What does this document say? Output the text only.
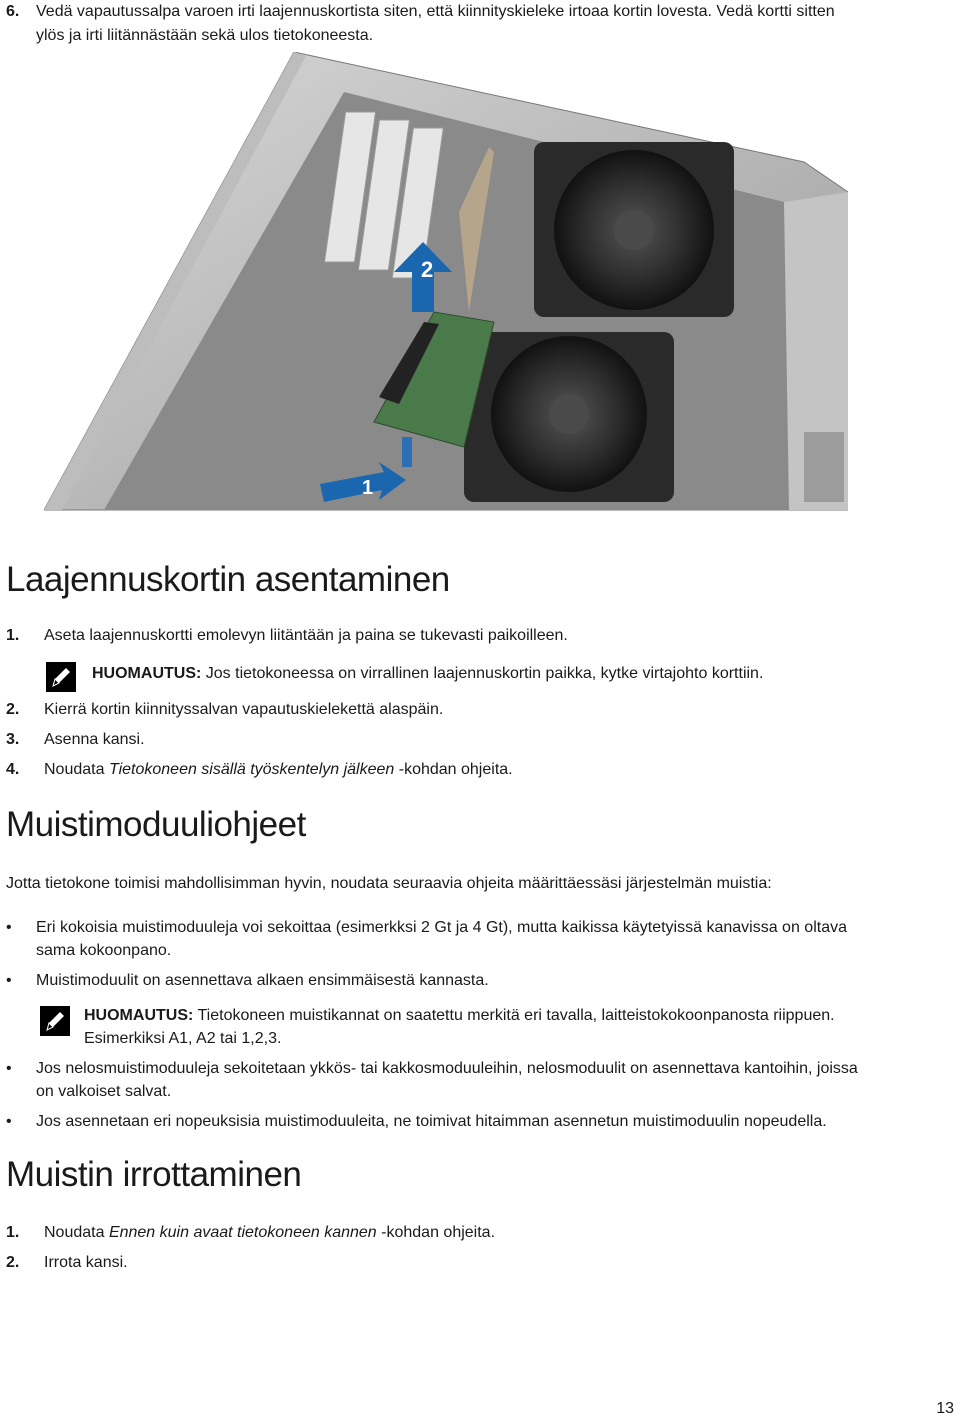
6. Vedä vapautussalpa varoen irti laajennuskortista siten, että kiinnityskieleke irtoaa kortin lovesta. Vedä kortti sitten
ylös ja irti liitännästään sekä ulos tietokoneesta.
2
1
Laajennuskortin asentaminen
1. Aseta laajennuskortti emolevyn liitäntään ja paina se tukevasti paikoilleen.
HUOMAUTUS: Jos tietokoneessa on virrallinen laajennuskortin paikka, kytke virtajohto korttiin.
2. Kierrä kortin kiinnityssalvan vapautuskielekettä alaspäin.
3. Asenna kansi.
4. Noudata Tietokoneen sisällä työskentelyn jälkeen -kohdan ohjeita.
Muistimoduuliohjeet
Jotta tietokone toimisi mahdollisimman hyvin, noudata seuraavia ohjeita määrittäessäsi järjestelmän muistia:
• Eri kokoisia muistimoduuleja voi sekoittaa (esimerkksi 2 Gt ja 4 Gt), mutta kaikissa käytetyissä kanavissa on oltava
sama kokoonpano.
• Muistimoduulit on asennettava alkaen ensimmäisestä kannasta.
HUOMAUTUS: Tietokoneen muistikannat on saatettu merkitä eri tavalla, laitteistokokoonpanosta riippuen.
Esimerkiksi A1, A2 tai 1,2,3.
• Jos nelosmuistimoduuleja sekoitetaan ykkös- tai kakkosmoduuleihin, nelosmoduulit on asennettava kantoihin, joissa
on valkoiset salvat.
• Jos asennetaan eri nopeuksisia muistimoduuleita, ne toimivat hitaimman asennetun muistimoduulin nopeudella.
Muistin irrottaminen
1. Noudata Ennen kuin avaat tietokoneen kannen -kohdan ohjeita.
2. Irrota kansi.
13
